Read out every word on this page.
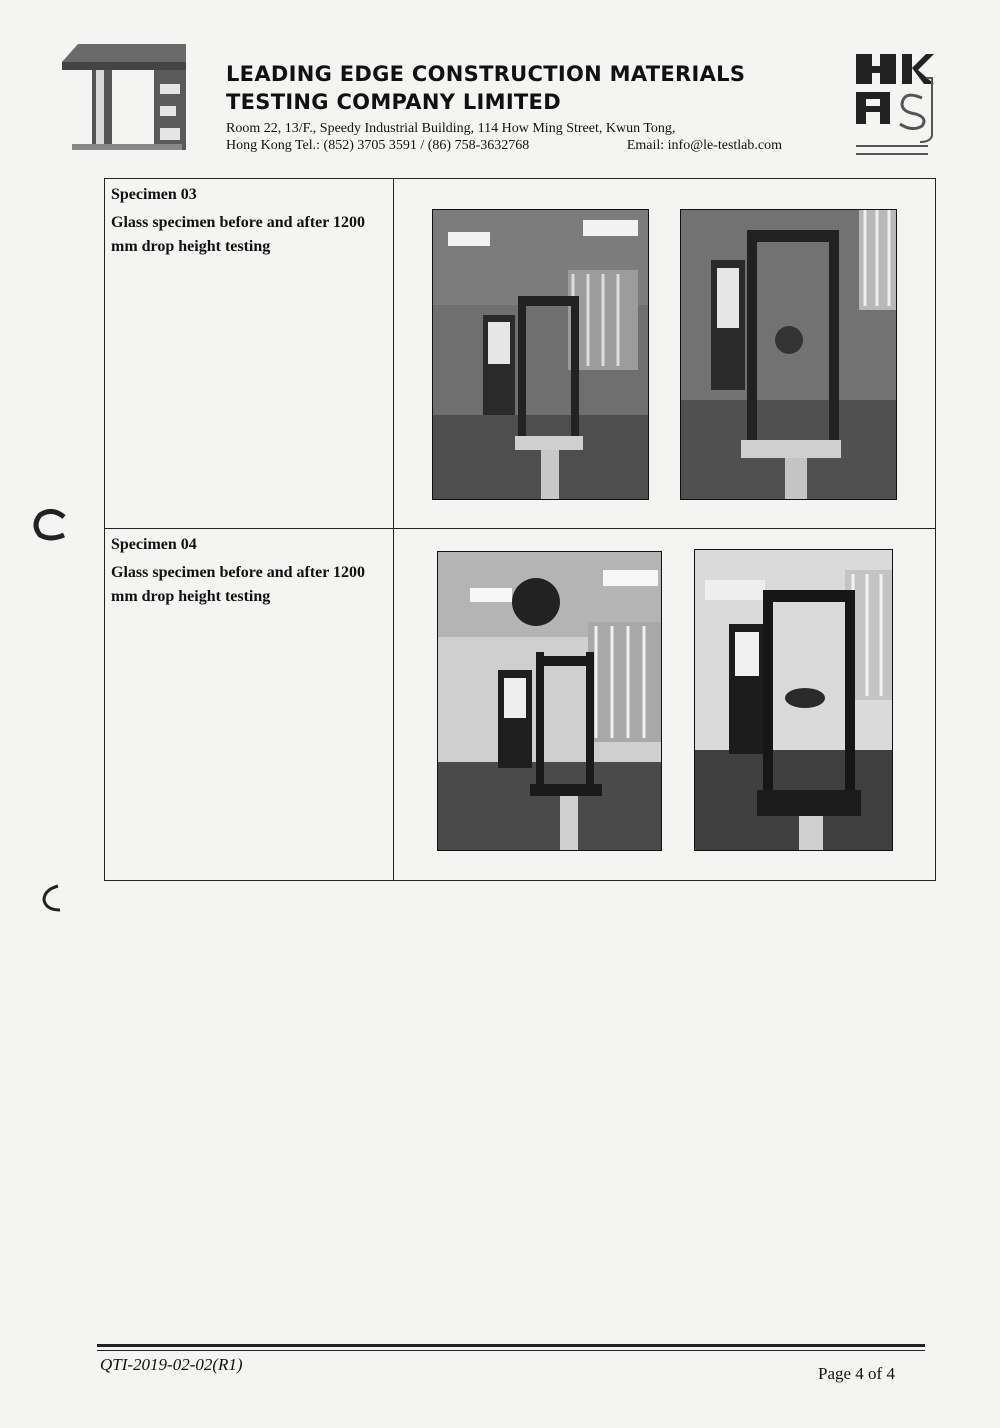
LEADING EDGE CONSTRUCTION MATERIALS
TESTING COMPANY LIMITED
Room 22, 13/F., Speedy Industrial Building, 114 How Ming Street, Kwun Tong,
Hong Kong Tel.: (852) 3705 3591 / (86) 758-3632768	Email: info@le-testlab.com
Specimen 03
Glass specimen before and after 1200 mm drop height testing

Specimen 04
Glass specimen before and after 1200 mm drop height testing

QTI-2019-02-02(R1)	Page 4 of 4
